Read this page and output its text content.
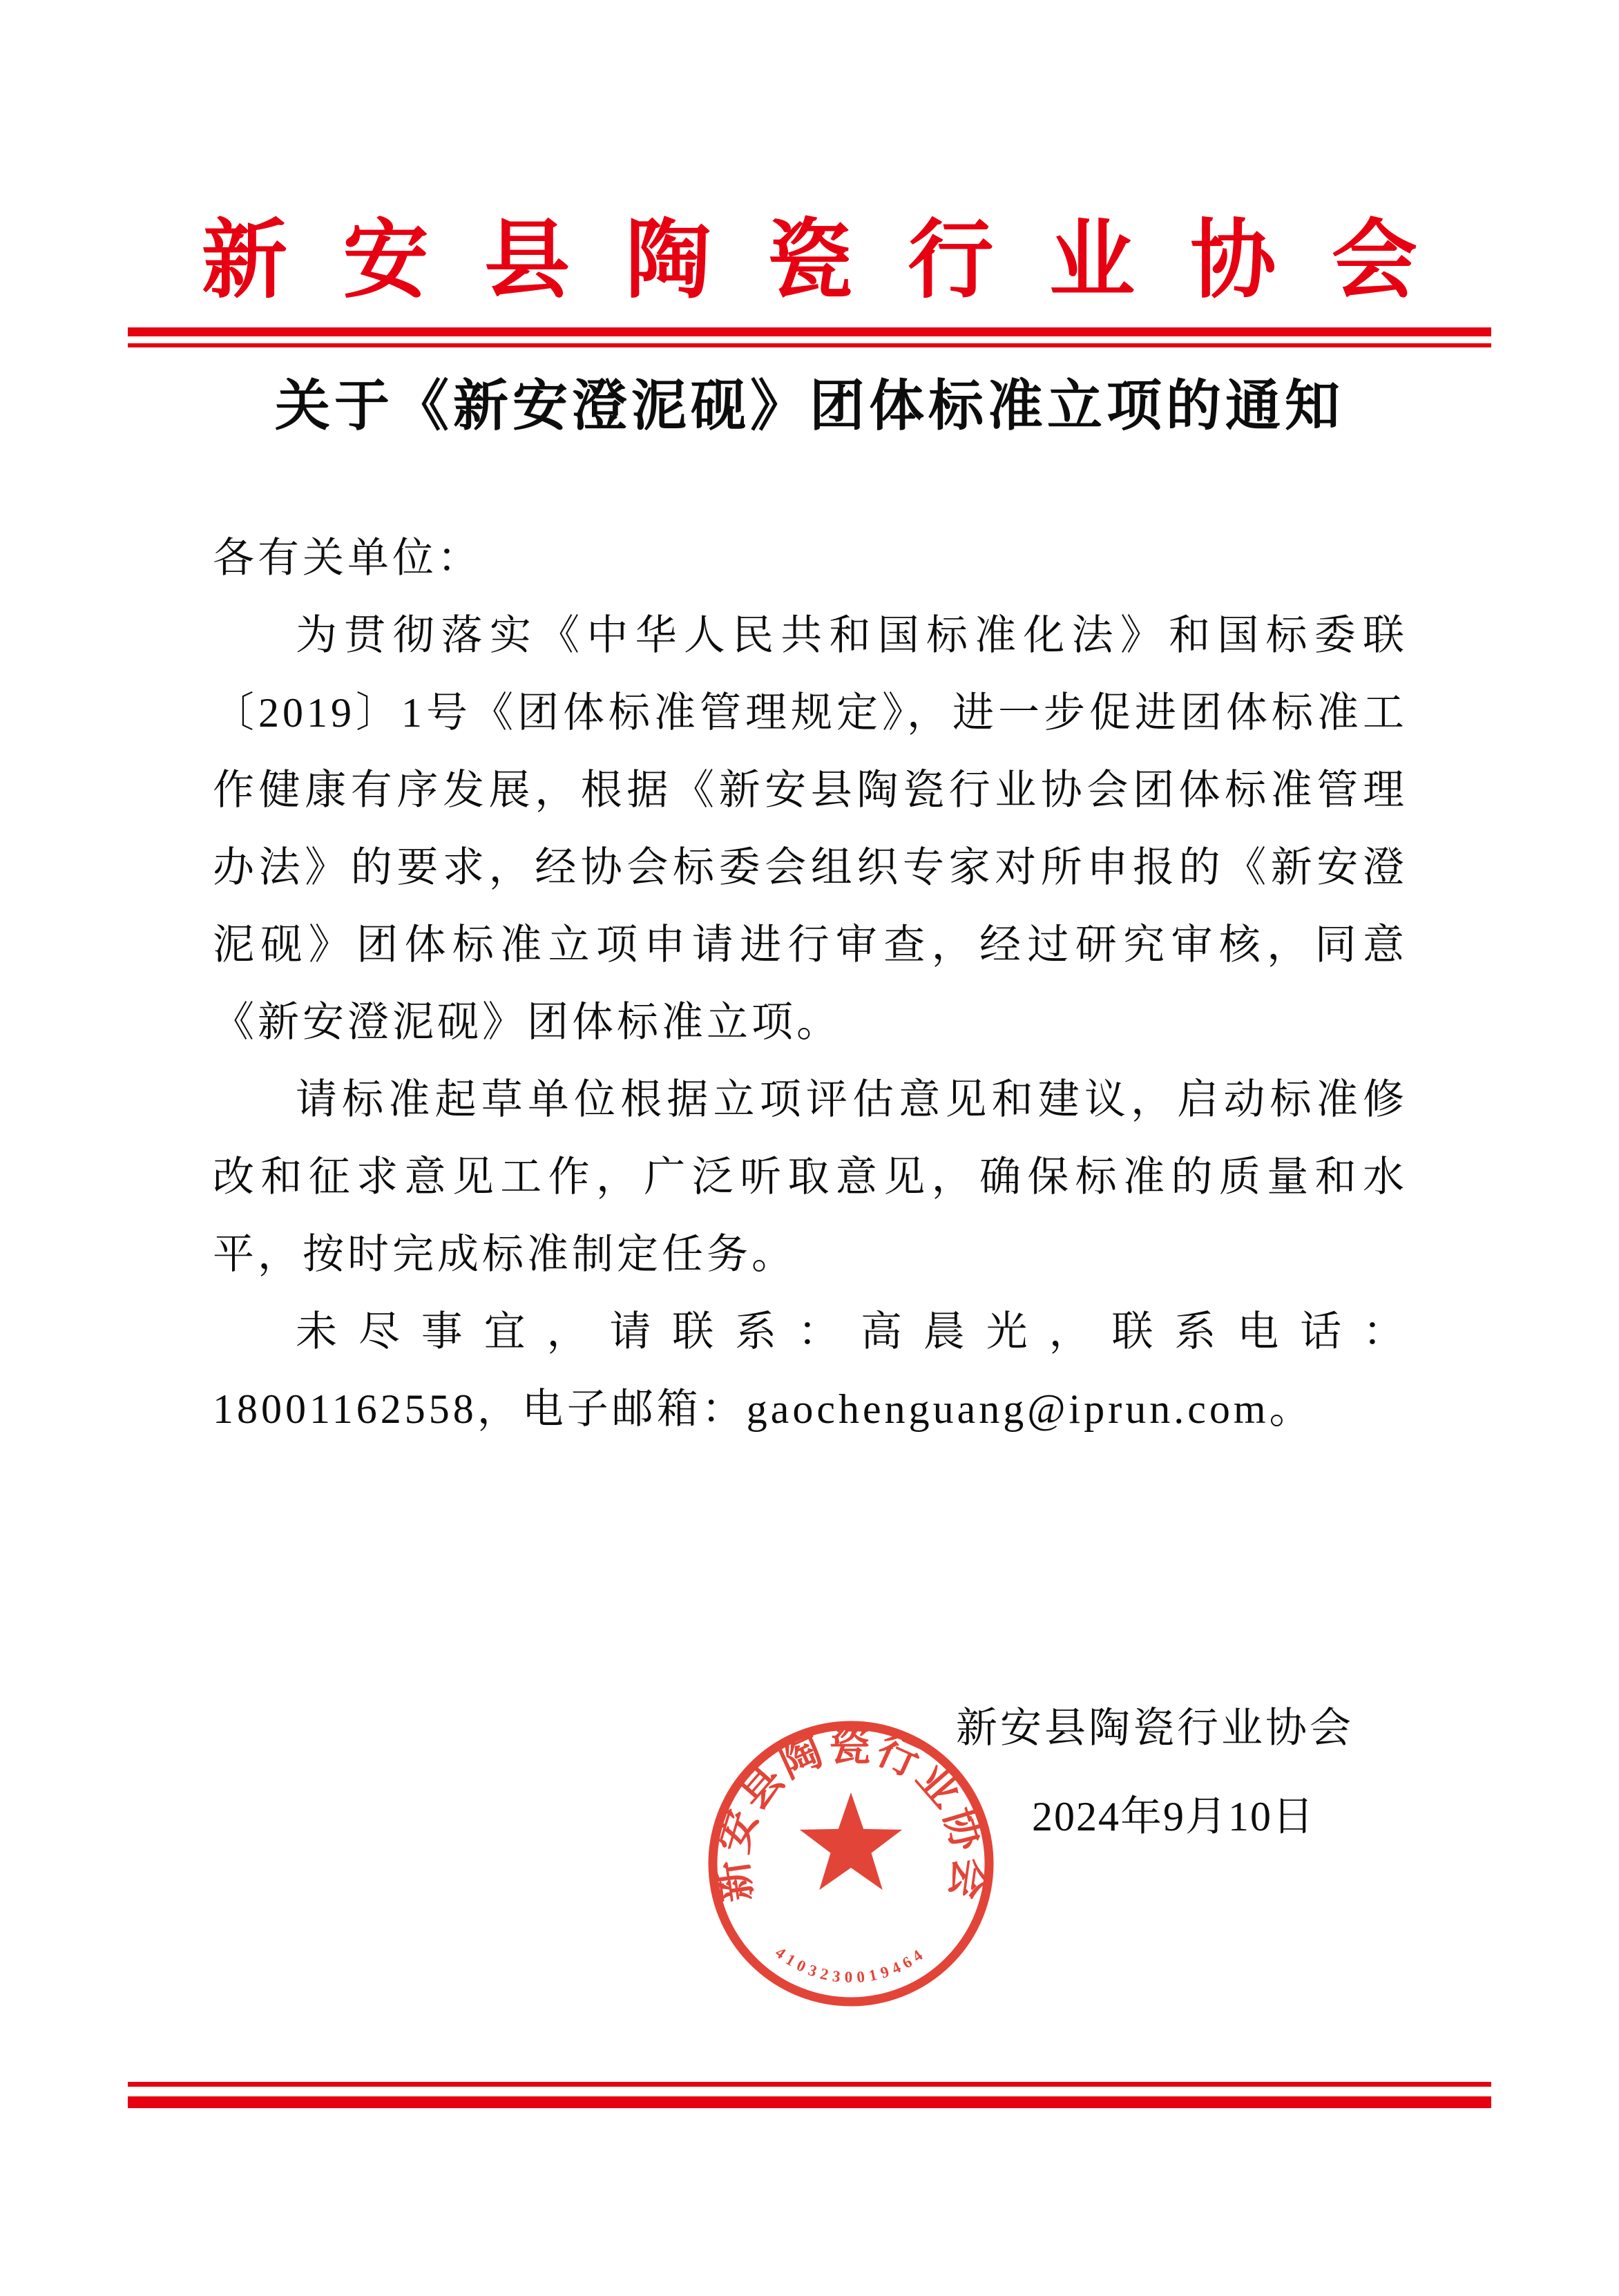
新 安 县 陶 瓷 行 业 协 会
关于《新安澄泥砚》团体标准立项的通知

各有关单位：

为贯彻落实《中华人民共和国标准化法》和国标委联〔2019〕1号《团体标准管理规定》，进一步促进团体标准工作健康有序发展，根据《新安县陶瓷行业协会团体标准管理办法》的要求，经协会标委会组织专家对所申报的《新安澄泥砚》团体标准立项申请进行审查，经过研究审核，同意《新安澄泥砚》团体标准立项。

请标准起草单位根据立项评估意见和建议，启动标准修改和征求意见工作，广泛听取意见，确保标准的质量和水平，按时完成标准制定任务。

未尽事宜，请联系：高晨光，联系电话：18001162558，电子邮箱：gaochenguang@iprun.com。

新安县陶瓷行业协会

2024年9月10日

新安县陶瓷行业协会
4103230019464
